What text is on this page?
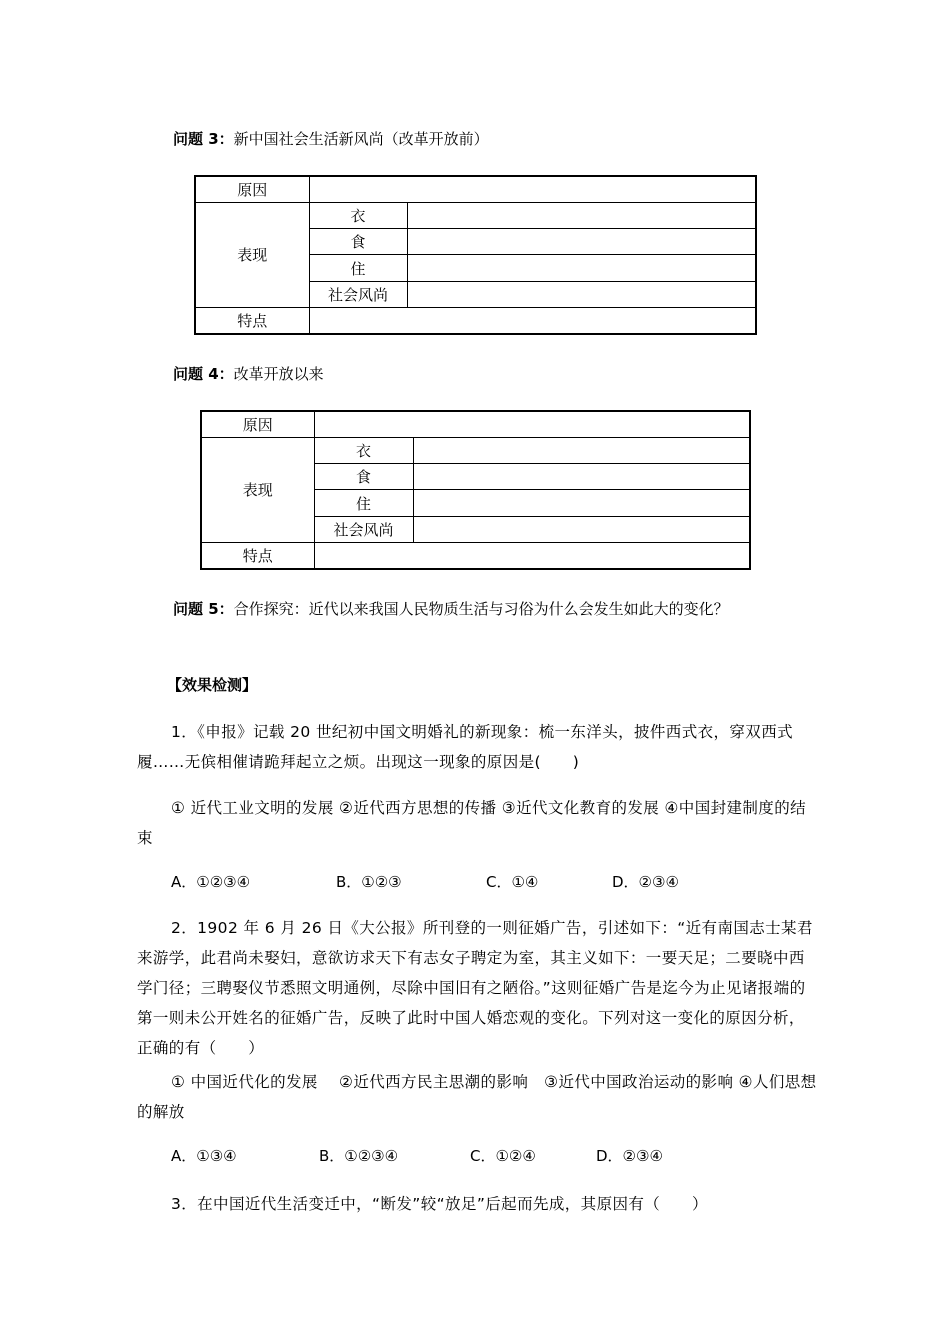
问题 3：新中国社会生活新风尚（改革开放前）
原因		
表现	衣	
	食	
	住	
	社会风尚	
特点		
问题 4：改革开放以来
原因		
表现	衣	
	食	
	住	
	社会风尚	
特点		
问题 5：合作探究：近代以来我国人民物质生活与习俗为什么会发生如此大的变化？
【效果检测】
1．《申报》记载 20 世纪初中国文明婚礼的新现象：梳一东洋头，披件西式衣，穿双西式履……无傧相催请跪拜起立之烦。出现这一现象的原因是(　　)
① 近代工业文明的发展 ②近代西方思想的传播 ③近代文化教育的发展 ④中国封建制度的结束
A．①②③④	B．①②③	C．①④	D．②③④
2．1902 年 6 月 26 日《大公报》所刊登的一则征婚广告，引述如下：“近有南国志士某君来游学，此君尚未娶妇，意欲访求天下有志女子聘定为室，其主义如下：一要天足；二要晓中西学门径；三聘娶仪节悉照文明通例，尽除中国旧有之陋俗。”这则征婚广告是迄今为止见诸报端的第一则未公开姓名的征婚广告，反映了此时中国人婚恋观的变化。下列对这一变化的原因分析，正确的有（　　）
① 中国近代化的发展　 ②近代西方民主思潮的影响　③近代中国政治运动的影响 ④人们思想的解放
A．①③④	B．①②③④	C．①②④	D．②③④
3．在中国近代生活变迁中，“断发”较“放足”后起而先成，其原因有（　　）
